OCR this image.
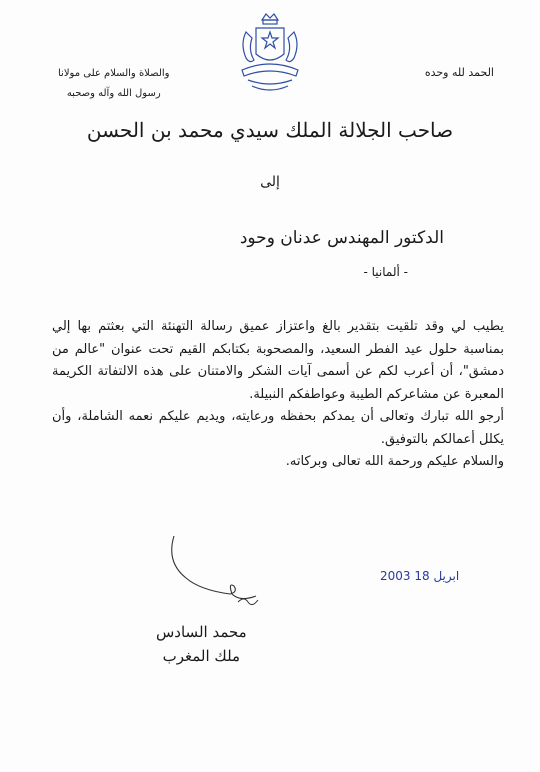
الحمد لله وحده
والصلاة والسلام على مولانا
رسول الله وآله وصحبه
صاحب الجلالة الملك سيدي محمد بن الحسن
إلى
الدكتور المهندس عدنان وحود
- ألمانيا -

يطيب لي وقد تلقيت بتقدير بالغ واعتزاز عميق رسالة التهنئة التي بعثتم بها إلي بمناسبة حلول عيد الفطر السعيد، والمصحوبة بكتابكم القيم تحت عنوان "عالم من دمشق"، أن أعرب لكم عن أسمى آيات الشكر والامتنان على هذه الالتفاتة الكريمة المعبرة عن مشاعركم الطيبة وعواطفكم النبيلة.

أرجو الله تبارك وتعالى أن يمدكم بحفظه ورعايته، ويديم عليكم نعمه الشاملة، وأن يكلل أعمالكم بالتوفيق.

والسلام عليكم ورحمة الله تعالى وبركاته.

2003 ابريل 18
محمد السادس
ملك المغرب
